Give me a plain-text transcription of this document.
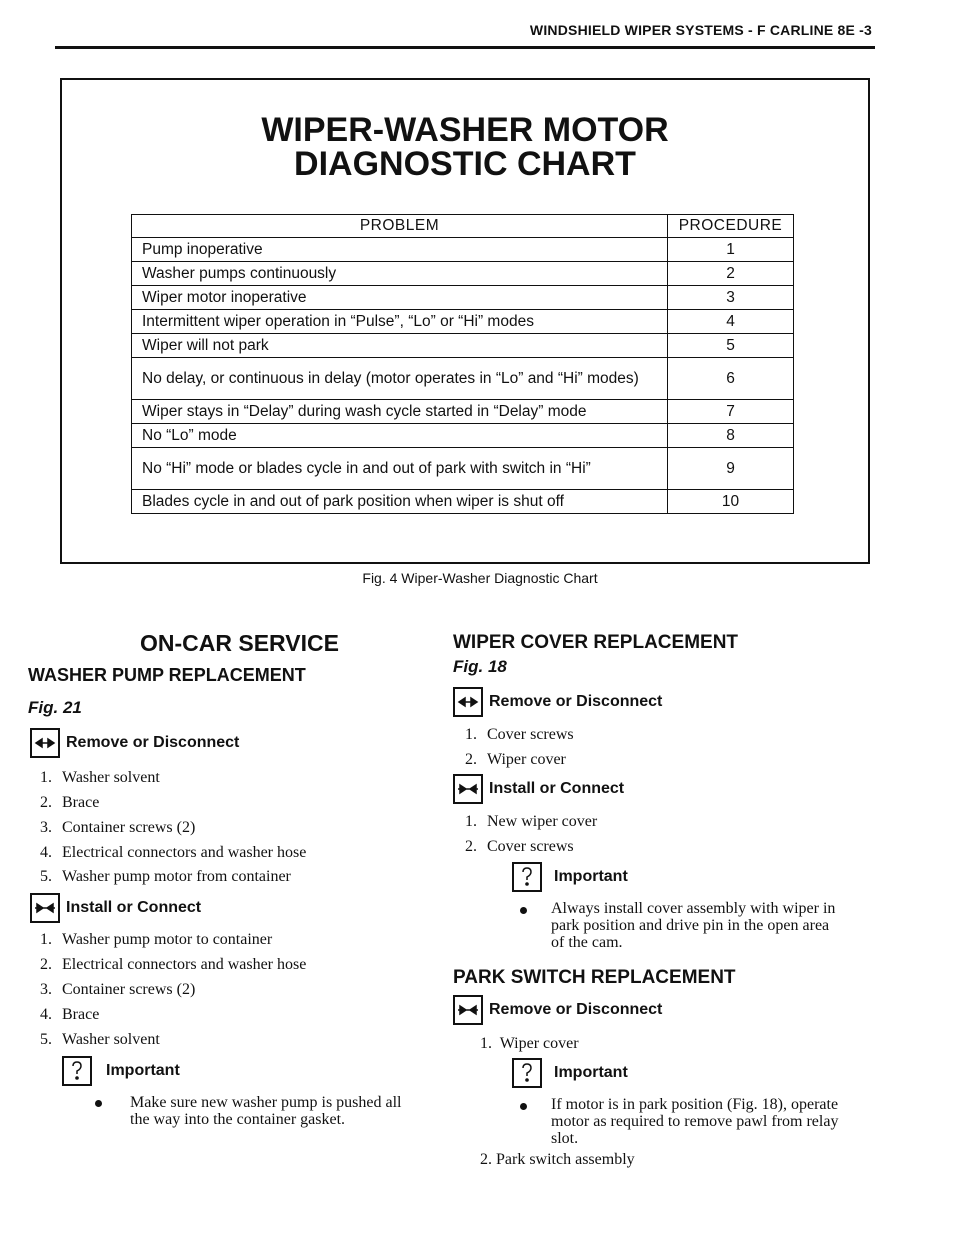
WINDSHIELD WIPER SYSTEMS - F CARLINE 8E -3
WIPER-WASHER MOTOR
DIAGNOSTIC CHART
PROBLEM	PROCEDURE
Pump inoperative	1
Washer pumps continuously	2
Wiper motor inoperative	3
Intermittent wiper operation in “Pulse”, “Lo” or “Hi” modes	4
Wiper will not park	5
No delay, or continuous in delay (motor operates in “Lo” and “Hi” modes)	6
Wiper stays in “Delay” during wash cycle started in “Delay” mode	7
No “Lo” mode	8
No “Hi” mode or blades cycle in and out of park with switch in “Hi”	9
Blades cycle in and out of park position when wiper is shut off	10
Fig. 4 Wiper-Washer Diagnostic Chart
ON-CAR SERVICE
WASHER PUMP REPLACEMENT
Fig. 21
Remove or Disconnect
1. Washer solvent
2. Brace
3. Container screws (2)
4. Electrical connectors and washer hose
5. Washer pump motor from container
Install or Connect
1. Washer pump motor to container
2. Electrical connectors and washer hose
3. Container screws (2)
4. Brace
5. Washer solvent
Important
Make sure new washer pump is pushed all
the way into the container gasket.
WIPER COVER REPLACEMENT
Fig. 18
Remove or Disconnect
1. Cover screws
2. Wiper cover
Install or Connect
1. New wiper cover
2. Cover screws
Important
Always install cover assembly with wiper in
park position and drive pin in the open area
of the cam.
PARK SWITCH REPLACEMENT
Remove or Disconnect
1.  Wiper cover
Important
If motor is in park position (Fig. 18), operate
motor as required to remove pawl from relay
slot.
2. Park switch assembly
